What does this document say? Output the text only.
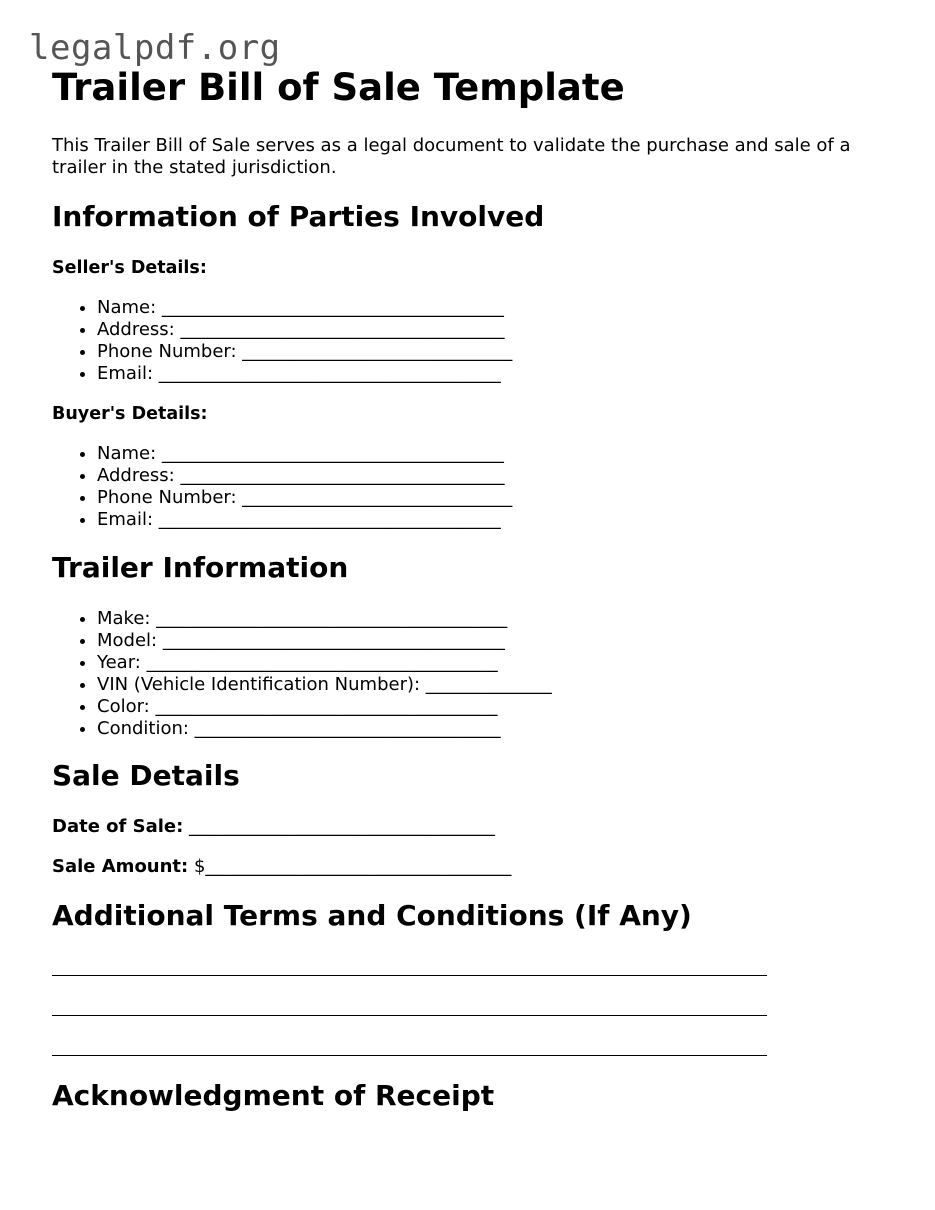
legalpdf.org
Trailer Bill of Sale Template

This Trailer Bill of Sale serves as a legal document to validate the purchase and sale of a trailer in the stated jurisdiction.

Information of Parties Involved
Seller's Details:
• Name: ______________________________________
• Address: ____________________________________
• Phone Number: ______________________________
• Email: ______________________________________
Buyer's Details:
• Name: ______________________________________
• Address: ____________________________________
• Phone Number: ______________________________
• Email: ______________________________________
Trailer Information
• Make: _______________________________________
• Model: ______________________________________
• Year: _______________________________________
• VIN (Vehicle Identification Number): ______________
• Color: ______________________________________
• Condition: __________________________________
Sale Details

Date of Sale: __________________________________

Sale Amount: $__________________________________

Additional Terms and Conditions (If Any)
Acknowledgment of Receipt
